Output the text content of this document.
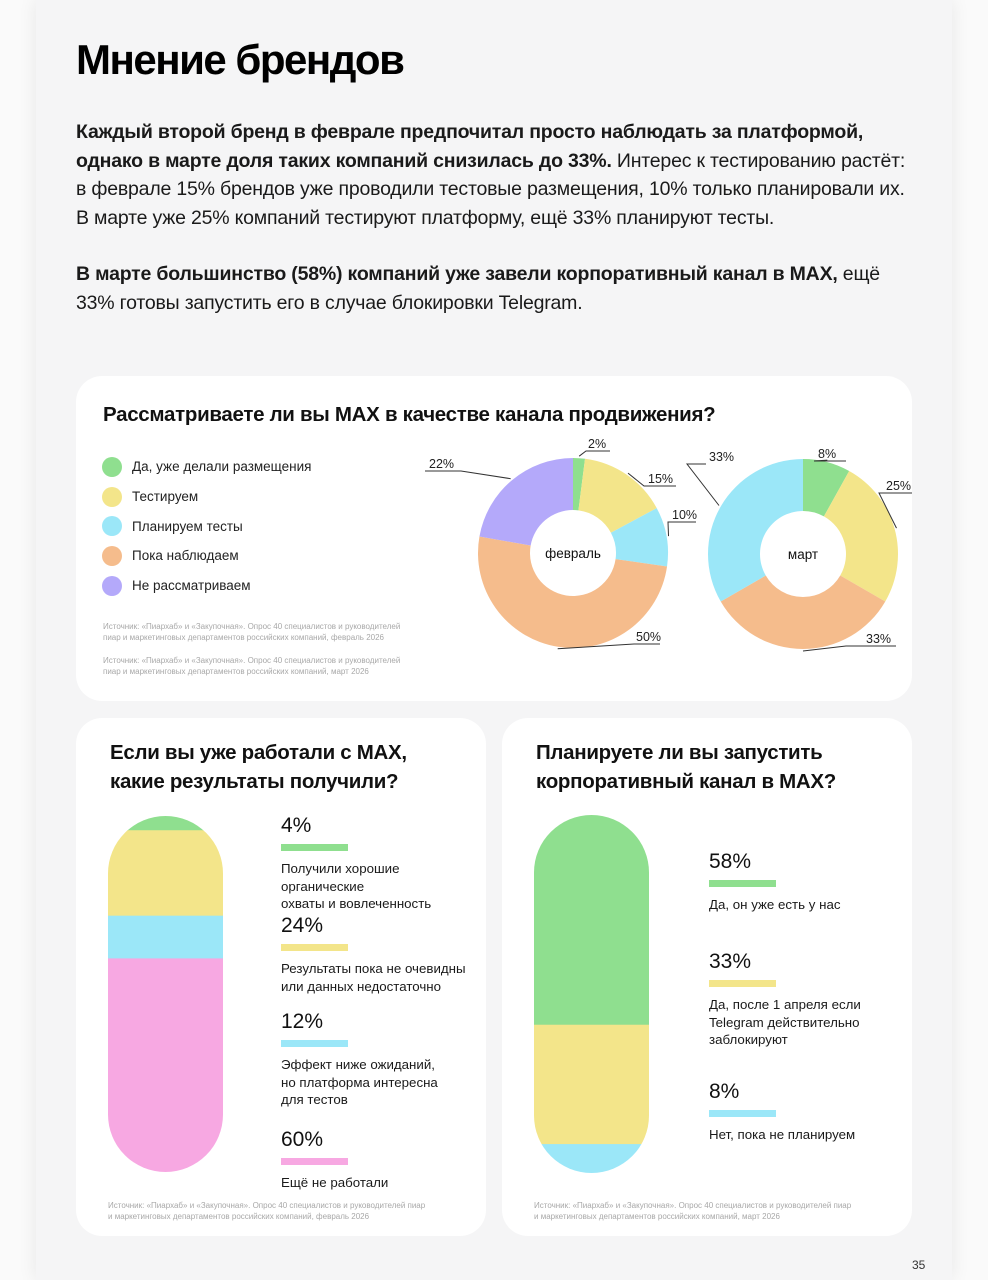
Мнение брендов

Каждый второй бренд в феврале предпочитал просто наблюдать за платформой, однако в марте доля таких компаний снизилась до 33%. Интерес к тестированию растёт: в феврале 15% брендов уже проводили тестовые размещения, 10% только планировали их. В марте уже 25% компаний тестируют платформу, ещё 33% планируют тесты.

В марте большинство (58%) компаний уже завели корпоративный канал в MAX, ещё 33% готовы запустить его в случае блокировки Telegram.

Рассматриваете ли вы MAX в качестве канала продвижения?
Да, уже делали размещения
Тестируем
Планируем тесты
Пока наблюдаем
Не рассматриваем
Источник: «Пиархаб» и «Закупочная». Опрос 40 специалистов и руководителей
пиар и маркетинговых департаментов российских компаний, февраль 2026
Источник: «Пиархаб» и «Закупочная». Опрос 40 специалистов и руководителей
пиар и маркетинговых департаментов российских компаний, март 2026
2%
15%
10%
50%
22%
февраль
8%
25%
33%
33%
март
Если вы уже работали с MAX,
какие результаты получили?
4%
Получили хорошие органические
охваты и вовлеченность
24%
Результаты пока не очевидны
или данных недостаточно
12%
Эффект ниже ожиданий,
но платформа интересна
для тестов
60%
Ещё не работали
Источник: «Пиархаб» и «Закупочная». Опрос 40 специалистов и руководителей пиар
и маркетинговых департаментов российских компаний, февраль 2026
Планируете ли вы запустить
корпоративный канал в MAX?
58%
Да, он уже есть у нас
33%
Да, после 1 апреля если
Telegram действительно
заблокируют
8%
Нет, пока не планируем
Источник: «Пиархаб» и «Закупочная». Опрос 40 специалистов и руководителей пиар
и маркетинговых департаментов российских компаний, март 2026
35
